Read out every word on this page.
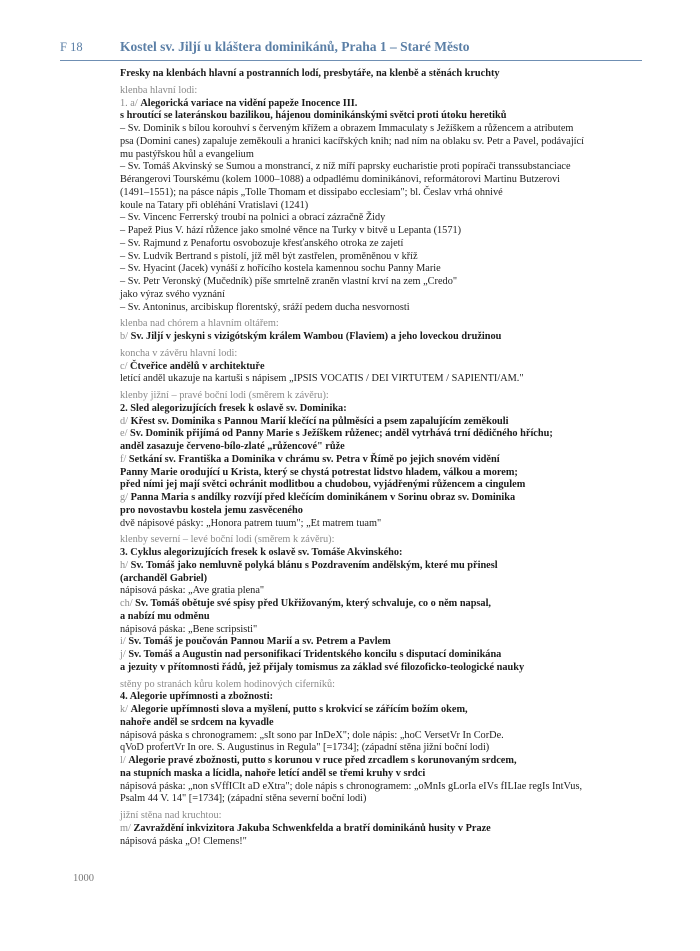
F 18	Kostel sv. Jiljí u kláštera dominikánů, Praha 1 – Staré Město

Fresky na klenbách hlavní a postranních lodí, presbytáře, na klenbě a stěnách kruchty

klenba hlavní lodi:

1. a/ Alegorická variace na vidění papeže Inocence III.

s hroutící se lateránskou bazilikou, hájenou dominikánskými světci proti útoku heretiků

– Sv. Dominik s bílou korouhví s červeným křížem a obrazem Immaculaty s Ježíškem a růžencem a atributem

psa (Domini canes) zapaluje zeměkouli a hranici kacířských knih; nad ním na oblaku sv. Petr a Pavel, podávající

mu pastýřskou hůl a evangelium

– Sv. Tomáš Akvinský se Sumou a monstrancí, z níž míří paprsky eucharistie proti popírači transsubstanciace

Bérangerovi Tourskému (kolem 1000–1088) a odpadlému dominikánovi, reformátorovi Martinu Butzerovi

(1491–1551); na pásce nápis „Tolle Thomam et dissipabo ecclesiam"; bl. Česlav vrhá ohnivé

koule na Tatary při obléhání Vratislavi (1241)

– Sv. Vincenc Ferrerský troubí na polnici a obrací zázračně Židy

– Papež Pius V. hází růžence jako smolné věnce na Turky v bitvě u Lepanta (1571)

– Sv. Rajmund z Penafortu osvobozuje křesťanského otroka ze zajetí

– Sv. Ludvík Bertrand s pistolí, jíž měl být zastřelen, proměněnou v kříž

– Sv. Hyacint (Jacek) vynáší z hořícího kostela kamennou sochu Panny Marie

– Sv. Petr Veronský (Mučedník) píše smrtelně zraněn vlastní krví na zem „Credo"

jako výraz svého vyznání

– Sv. Antoninus, arcibiskup florentský, sráží pedem ducha nesvornosti

klenba nad chórem a hlavním oltářem:

b/ Sv. Jiljí v jeskyni s vizigótským králem Wambou (Flaviem) a jeho loveckou družinou

koncha v závěru hlavní lodi:

c/ Čtveřice andělů v architektuře

letící anděl ukazuje na kartuši s nápisem „IPSIS VOCATIS / DEI VIRTUTEM / SAPIENTI/AM."

klenby jižní – pravé boční lodi (směrem k závěru):

2. Sled alegorizujících fresek k oslavě sv. Dominika:

d/ Křest sv. Dominika s Pannou Marií klečící na půlměsíci a psem zapalujícím zeměkouli

e/ Sv. Dominik přijímá od Panny Marie s Ježíškem růženec; anděl vytrhává trní dědičného hříchu;

anděl zasazuje červeno-bílo-zlaté „růžencové" růže

f/ Setkání sv. Františka a Dominika v chrámu sv. Petra v Římě po jejich snovém vidění

Panny Marie orodující u Krista, který se chystá potrestat lidstvo hladem, válkou a morem;

před ními jej mají světci ochránit modlitbou a chudobou, vyjádřenými růžencem a cingulem

g/ Panna Maria s andílky rozvíjí před klečícím dominikánem v Sorinu obraz sv. Dominika

pro novostavbu kostela jemu zasvěceného

dvě nápisové pásky: „Honora patrem tuum"; „Et matrem tuam"

klenby severní – levé boční lodi (směrem k závěru):

3. Cyklus alegorizujících fresek k oslavě sv. Tomáše Akvinského:

h/ Sv. Tomáš jako nemluvně polyká blánu s Pozdravením andělským, které mu přinesl

(archanděl Gabriel)

nápisová páska: „Ave gratia plena"

ch/ Sv. Tomáš obětuje své spisy před Ukřižovaným, který schvaluje, co o něm napsal,

a nabízí mu odměnu

nápisová páska: „Bene scripsisti"

i/ Sv. Tomáš je poučován Pannou Marií a sv. Petrem a Pavlem

j/ Sv. Tomáš a Augustin nad personifikací Tridentského koncilu s disputací dominikána

a jezuity v přítomnosti řádů, jež přijaly tomismus za základ své filozoficko-teologické nauky

stěny po stranách kůru kolem hodinových ciferníků:

4. Alegorie upřímnosti a zbožnosti:

k/ Alegorie upřímnosti slova a myšlení, putto s krokvicí se zářícím božím okem,

nahoře anděl se srdcem na kyvadle

nápisová páska s chronogramem: „sIt sono par InDeX"; dole nápis: „hoC VersetVr In CorDe.

qVoD profertVr In ore. S. Augustinus in Regula" [=1734]; (západní stěna jižní boční lodi)

l/ Alegorie pravé zbožnosti, putto s korunou v ruce před zrcadlem s korunovaným srdcem,

na stupních maska a lícidla, nahoře letící anděl se třemi kruhy v srdci

nápisová páska: „non sVffICIt aD eXtra"; dole nápis s chronogramem: „oMnIs gLorIa eIVs fILIae regIs IntVus,

Psalm 44 V. 14" [=1734]; (západní stěna severní boční lodi)

jižní stěna nad kruchtou:

m/ Zavraždění inkvizitora Jakuba Schwenkfelda a bratří dominikánů husity v Praze

nápisová páska „O! Clemens!"

1000
